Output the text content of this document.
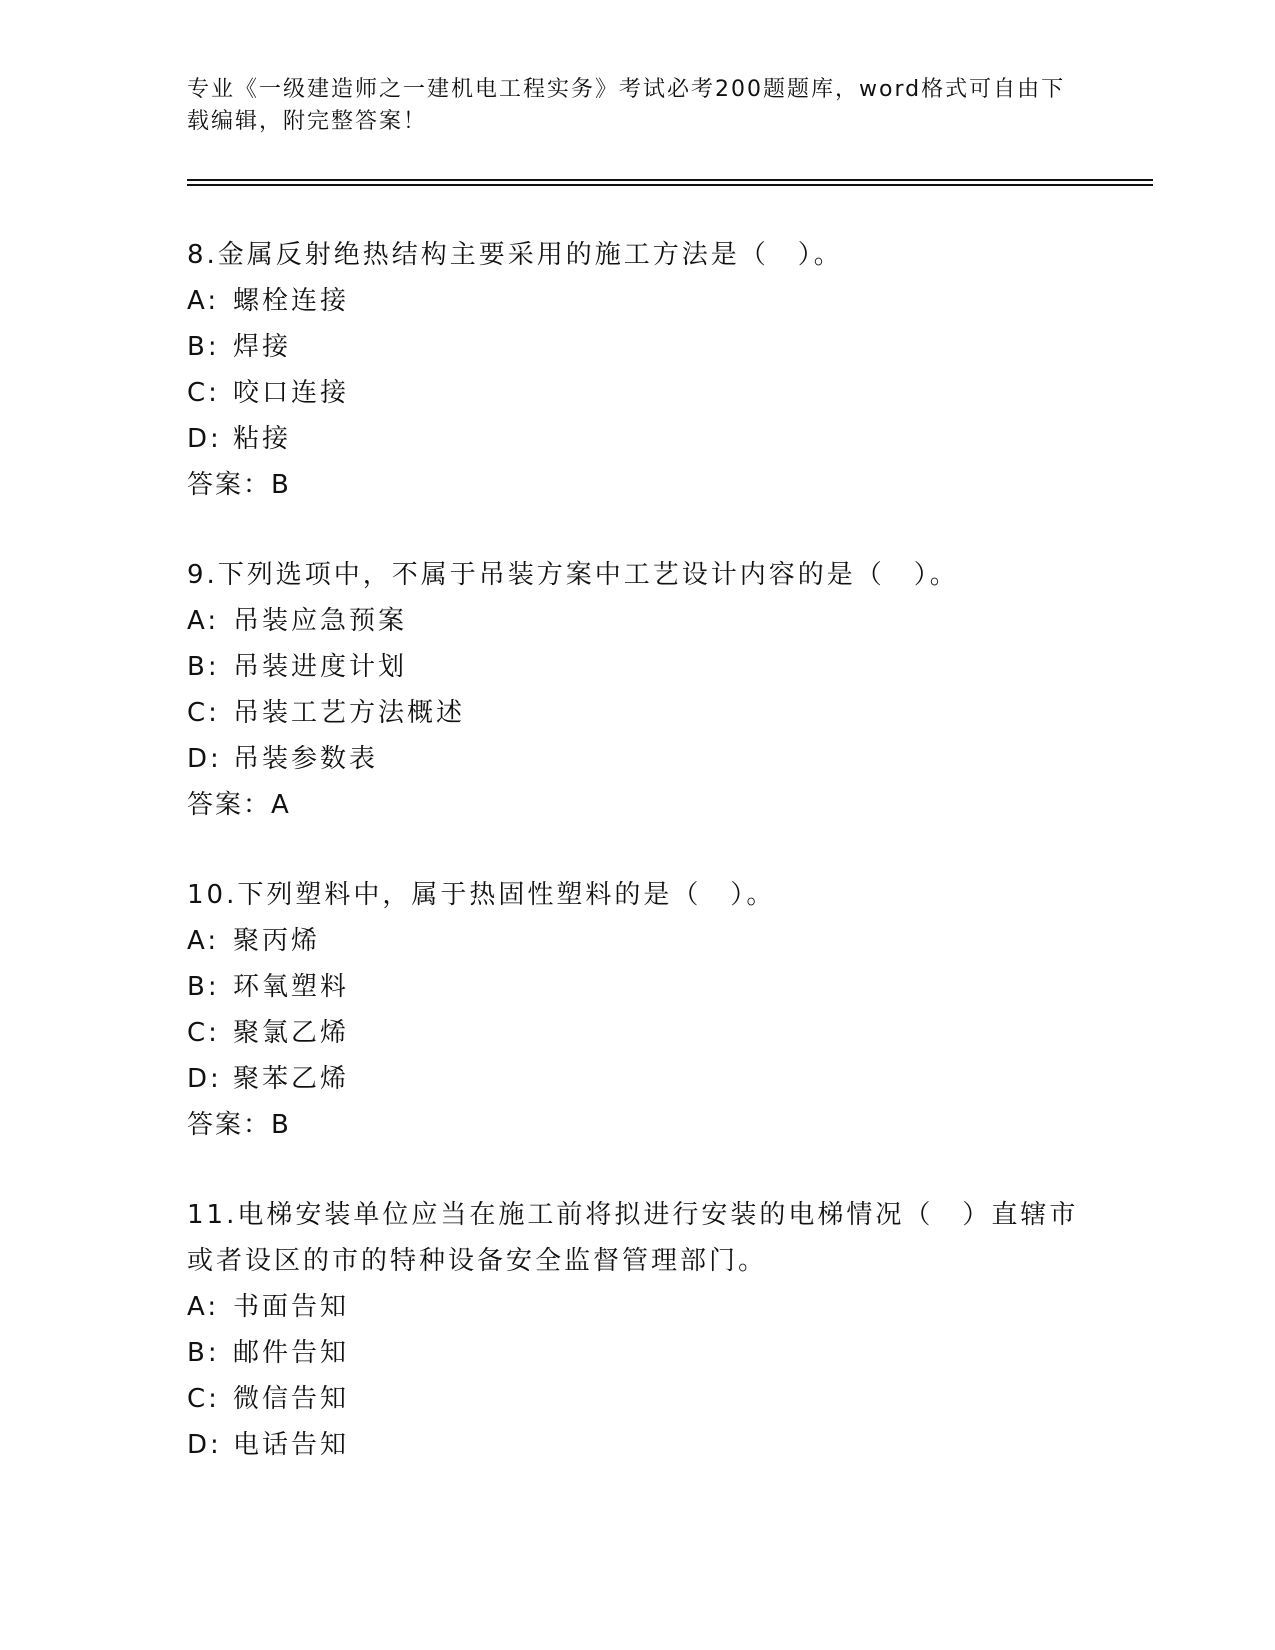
专业《一级建造师之一建机电工程实务》考试必考200题题库，word格式可自由下载编辑，附完整答案！
8.金属反射绝热结构主要采用的施工方法是（　）。
A: 螺栓连接
B: 焊接
C: 咬口连接
D: 粘接
答案：B
9.下列选项中，不属于吊装方案中工艺设计内容的是（　）。
A: 吊装应急预案
B: 吊装进度计划
C: 吊装工艺方法概述
D: 吊装参数表
答案：A
10.下列塑料中，属于热固性塑料的是（　）。
A: 聚丙烯
B: 环氧塑料
C: 聚氯乙烯
D: 聚苯乙烯
答案：B
11.电梯安装单位应当在施工前将拟进行安装的电梯情况（　）直辖市或者设区的市的特种设备安全监督管理部门。
A: 书面告知
B: 邮件告知
C: 微信告知
D: 电话告知
